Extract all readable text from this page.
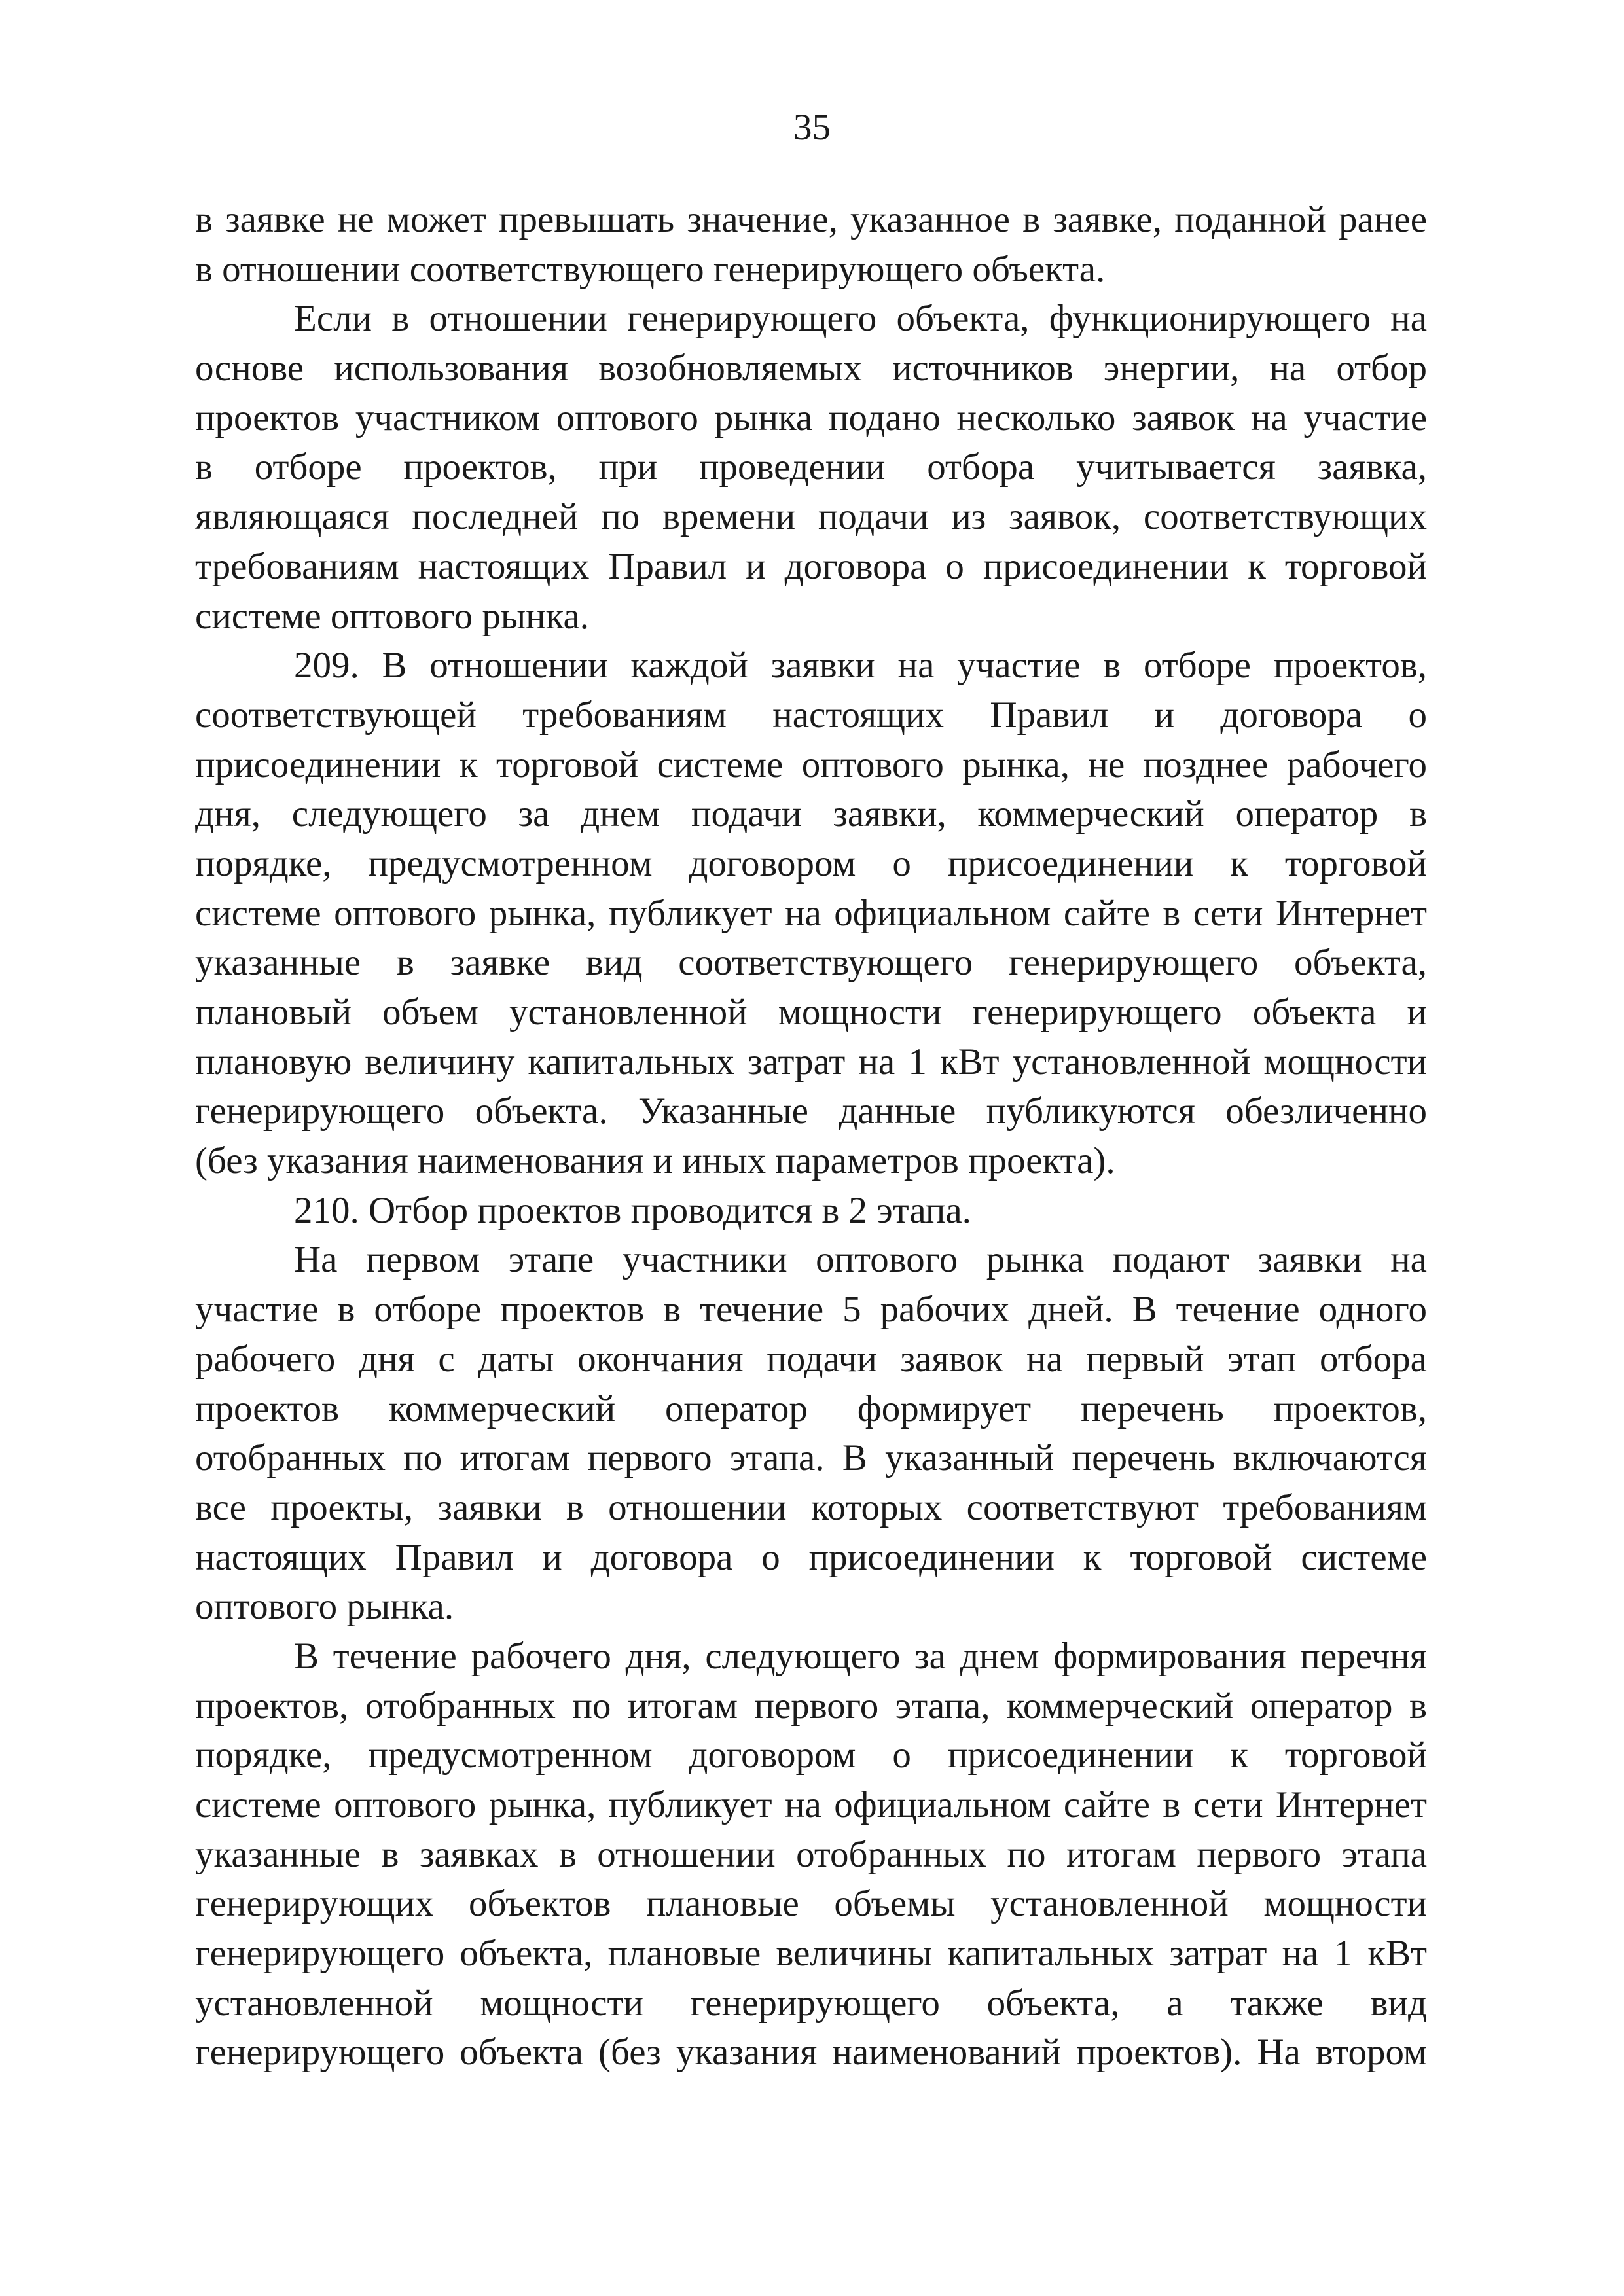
35
в заявке не может превышать значение, указанное в заявке, поданной ранее
в отношении соответствующего генерирующего объекта.
Если в отношении генерирующего объекта, функционирующего на
основе использования возобновляемых источников энергии, на отбор
проектов участником оптового рынка подано несколько заявок на участие
в отборе проектов, при проведении отбора учитывается заявка,
являющаяся последней по времени подачи из заявок, соответствующих
требованиям настоящих Правил и договора о присоединении к торговой
системе оптового рынка.
209. В отношении каждой заявки на участие в отборе проектов,
соответствующей требованиям настоящих Правил и договора о
присоединении к торговой системе оптового рынка, не позднее рабочего
дня, следующего за днем подачи заявки, коммерческий оператор в
порядке, предусмотренном договором о присоединении к торговой
системе оптового рынка, публикует на официальном сайте в сети Интернет
указанные в заявке вид соответствующего генерирующего объекта,
плановый объем установленной мощности генерирующего объекта и
плановую величину капитальных затрат на 1 кВт установленной мощности
генерирующего объекта. Указанные данные публикуются обезличенно
(без указания наименования и иных параметров проекта).
210. Отбор проектов проводится в 2 этапа.
На первом этапе участники оптового рынка подают заявки на
участие в отборе проектов в течение 5 рабочих дней. В течение одного
рабочего дня с даты окончания подачи заявок на первый этап отбора
проектов коммерческий оператор формирует перечень проектов,
отобранных по итогам первого этапа. В указанный перечень включаются
все проекты, заявки в отношении которых соответствуют требованиям
настоящих Правил и договора о присоединении к торговой системе
оптового рынка.
В течение рабочего дня, следующего за днем формирования перечня
проектов, отобранных по итогам первого этапа, коммерческий оператор в
порядке, предусмотренном договором о присоединении к торговой
системе оптового рынка, публикует на официальном сайте в сети Интернет
указанные в заявках в отношении отобранных по итогам первого этапа
генерирующих объектов плановые объемы установленной мощности
генерирующего объекта, плановые величины капитальных затрат на 1 кВт
установленной мощности генерирующего объекта, а также вид
генерирующего объекта (без указания наименований проектов). На втором
